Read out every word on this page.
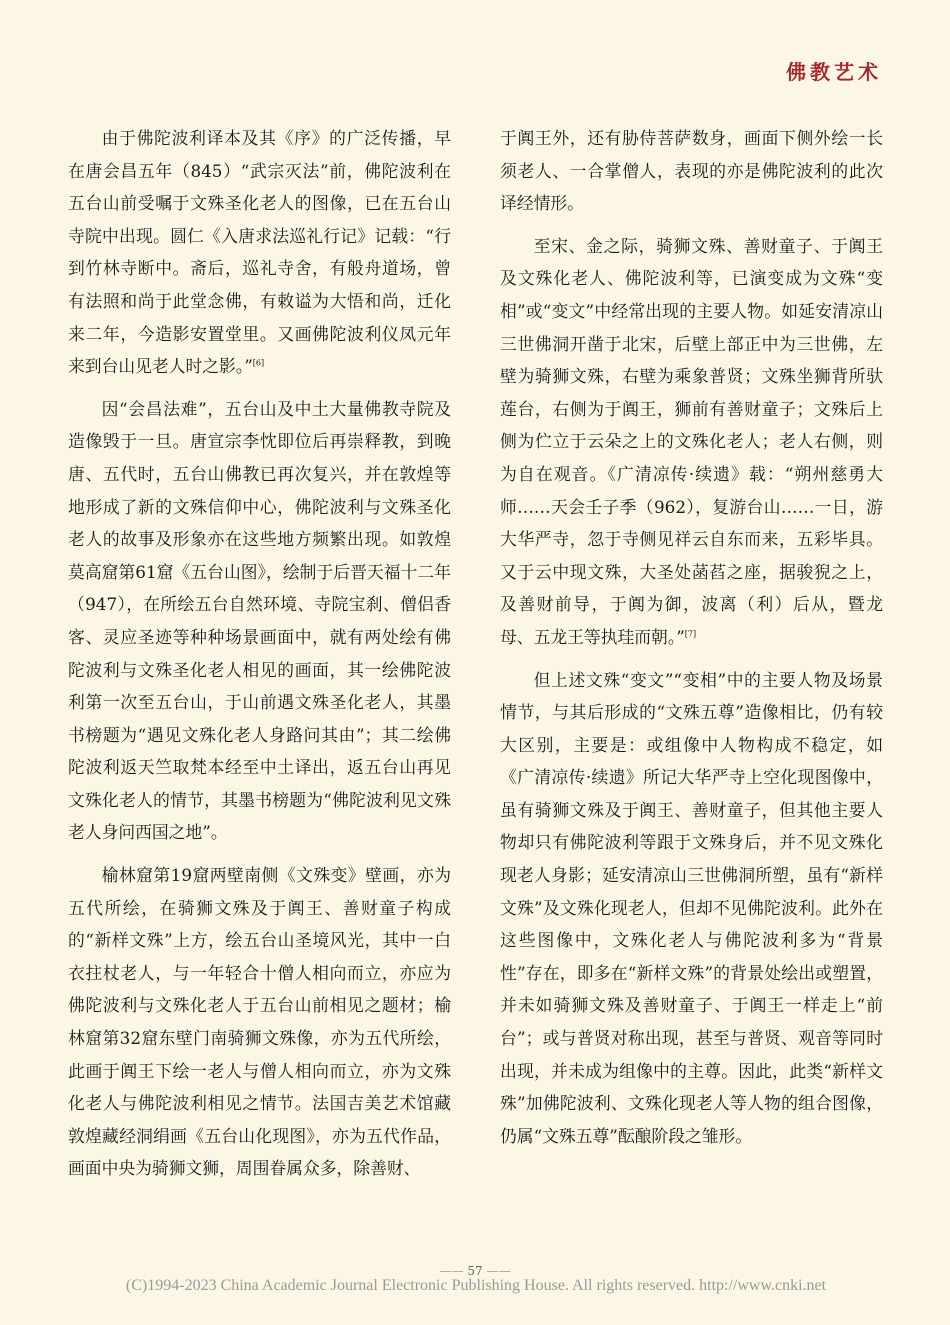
佛教艺术

由于佛陀波利译本及其《序》的广泛传播，早在唐会昌五年（845）“武宗灭法”前，佛陀波利在五台山前受嘱于文殊圣化老人的图像，已在五台山寺院中出现。圆仁《入唐求法巡礼行记》记载：“行到竹林寺断中。斋后，巡礼寺舍，有般舟道场，曾有法照和尚于此堂念佛，有敕谥为大悟和尚，迁化来二年，今造影安置堂里。又画佛陀波利仪凤元年来到台山见老人时之影。”[6]

因“会昌法难”，五台山及中土大量佛教寺院及造像毁于一旦。唐宣宗李忱即位后再崇释教，到晚唐、五代时，五台山佛教已再次复兴，并在敦煌等地形成了新的文殊信仰中心，佛陀波利与文殊圣化老人的故事及形象亦在这些地方频繁出现。如敦煌莫高窟第61窟《五台山图》，绘制于后晋天福十二年（947），在所绘五台自然环境、寺院宝刹、僧侣香客、灵应圣迹等种种场景画面中，就有两处绘有佛陀波利与文殊圣化老人相见的画面，其一绘佛陀波利第一次至五台山，于山前遇文殊圣化老人，其墨书榜题为“遇见文殊化老人身路问其由”；其二绘佛陀波利返天竺取梵本经至中土译出，返五台山再见文殊化老人的情节，其墨书榜题为“佛陀波利见文殊老人身问西国之地”。

榆林窟第19窟两壁南侧《文殊变》壁画，亦为五代所绘，在骑狮文殊及于阗王、善财童子构成的“新样文殊”上方，绘五台山圣境风光，其中一白衣拄杖老人，与一年轻合十僧人相向而立，亦应为佛陀波利与文殊化老人于五台山前相见之题材；榆林窟第32窟东壁门南骑狮文殊像，亦为五代所绘，此画于阗王下绘一老人与僧人相向而立，亦为文殊化老人与佛陀波利相见之情节。法国吉美艺术馆藏敦煌藏经洞绢画《五台山化现图》，亦为五代作品，画面中央为骑狮文狮，周围眷属众多，除善财、

于阗王外，还有胁侍菩萨数身，画面下侧外绘一长须老人、一合掌僧人，表现的亦是佛陀波利的此次译经情形。

至宋、金之际，骑狮文殊、善财童子、于阗王及文殊化老人、佛陀波利等，已演变成为文殊“变相”或“变文”中经常出现的主要人物。如延安清凉山三世佛洞开凿于北宋，后壁上部正中为三世佛，左壁为骑狮文殊，右壁为乘象普贤；文殊坐狮背所驮莲台，右侧为于阗王，狮前有善财童子；文殊后上侧为伫立于云朵之上的文殊化老人；老人右侧，则为自在观音。《广清凉传·续遗》载：“朔州慈勇大师……天会壬子季（962），复游台山……一日，游大华严寺，忽于寺侧见祥云自东而来，五彩毕具。又于云中现文殊，大圣处菡萏之座，据骏猊之上，及善财前导，于阗为御，波离（利）后从，暨龙母、五龙王等执珪而朝。”[7]

但上述文殊“变文”“变相”中的主要人物及场景情节，与其后形成的“文殊五尊”造像相比，仍有较大区别，主要是：或组像中人物构成不稳定，如《广清凉传·续遗》所记大华严寺上空化现图像中，虽有骑狮文殊及于阗王、善财童子，但其他主要人物却只有佛陀波利等跟于文殊身后，并不见文殊化现老人身影；延安清凉山三世佛洞所塑，虽有“新样文殊”及文殊化现老人，但却不见佛陀波利。此外在这些图像中，文殊化老人与佛陀波利多为“背景性”存在，即多在“新样文殊”的背景处绘出或塑置，并未如骑狮文殊及善财童子、于阗王一样走上“前台”；或与普贤对称出现，甚至与普贤、观音等同时出现，并未成为组像中的主尊。因此，此类“新样文殊”加佛陀波利、文殊化现老人等人物的组合图像，仍属“文殊五尊”酝酿阶段之雏形。

—— 57 ——
(C)1994-2023 China Academic Journal Electronic Publishing House. All rights reserved. http://www.cnki.net
